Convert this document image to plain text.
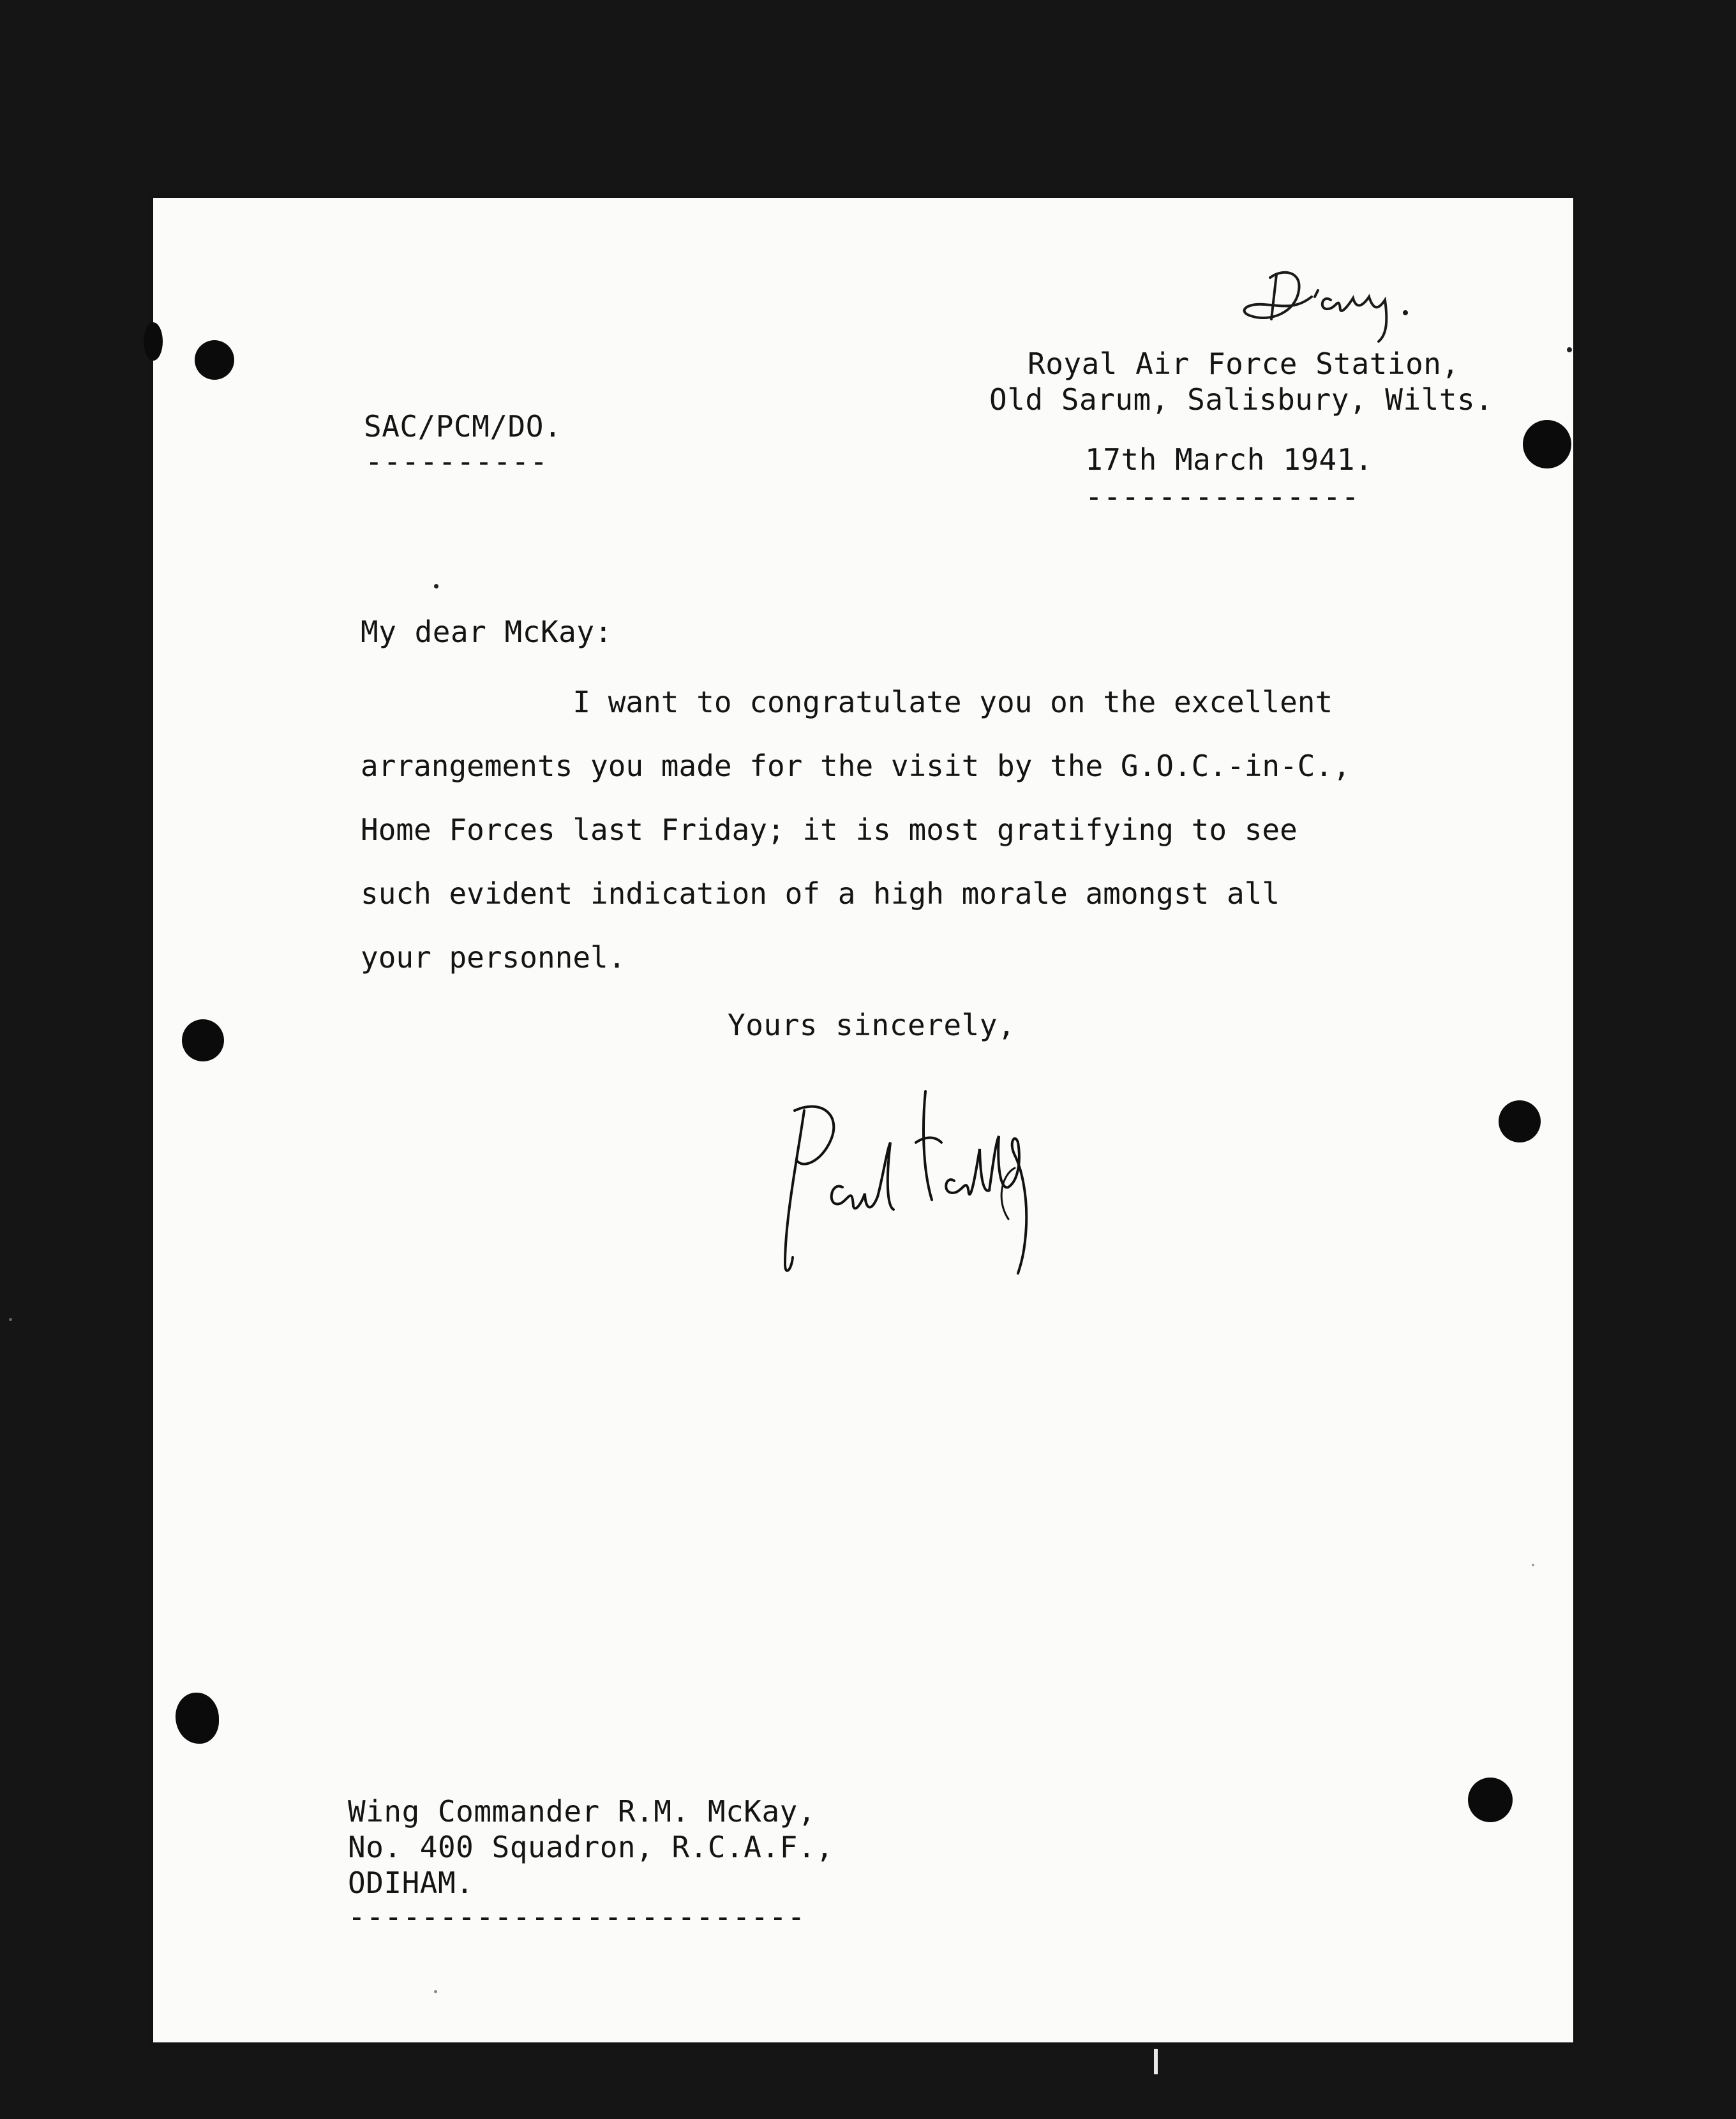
Royal Air Force Station,
Old Sarum, Salisbury, Wilts.
SAC/PCM/DO.
----------	17th March 1941.
---------------
My dear McKay:
I want to congratulate you on the excellent
arrangements you made for the visit by the G.O.C.-in-C.,
Home Forces last Friday; it is most gratifying to see
such evident indication of a high morale amongst all
your personnel.
Yours sincerely,
Wing Commander R.M. McKay,
No. 400 Squadron, R.C.A.F.,
ODIHAM.
-------------------------
